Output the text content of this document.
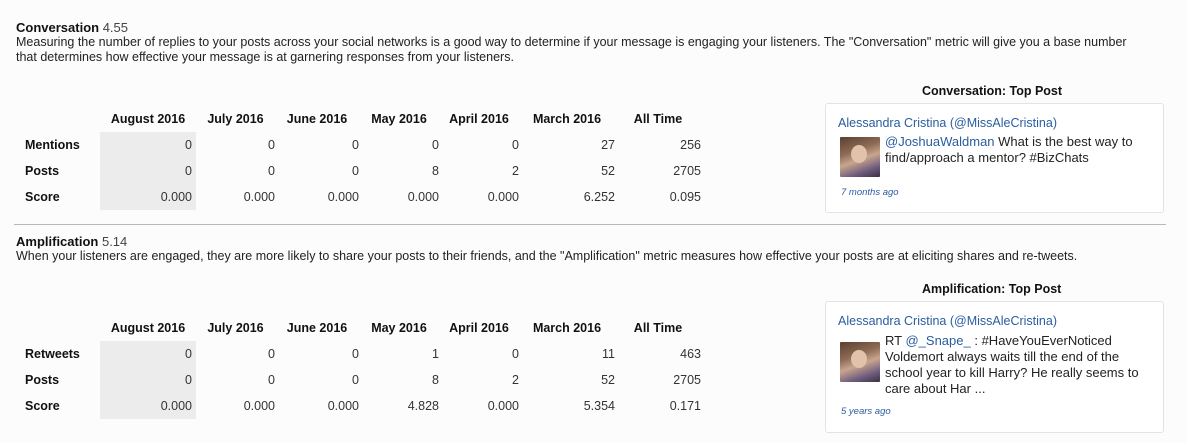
Conversation 4.55
Measuring the number of replies to your posts across your social networks is a good way to determine if your message is engaging your listeners. The "Conversation" metric will give you a base number that determines how effective your message is at garnering responses from your listeners.
	August 2016	July 2016	June 2016	May 2016	April 2016	March 2016	All Time
Mentions	0	0	0	0	0	27	256
Posts	0	0	0	8	2	52	2705
Score	0.000	0.000	0.000	0.000	0.000	6.252	0.095
Conversation: Top Post
Alessandra Cristina (@MissAleCristina)
@JoshuaWaldman What is the best way to find/approach a mentor? #BizChats
7 months ago
Amplification 5.14
When your listeners are engaged, they are more likely to share your posts to their friends, and the "Amplification" metric measures how effective your posts are at eliciting shares and re-tweets.
	August 2016	July 2016	June 2016	May 2016	April 2016	March 2016	All Time
Retweets	0	0	0	1	0	11	463
Posts	0	0	0	8	2	52	2705
Score	0.000	0.000	0.000	4.828	0.000	5.354	0.171
Amplification: Top Post
Alessandra Cristina (@MissAleCristina)
RT @_Snape_ : #HaveYouEverNoticed Voldemort always waits till the end of the school year to kill Harry? He really seems to care about Har ...
5 years ago
